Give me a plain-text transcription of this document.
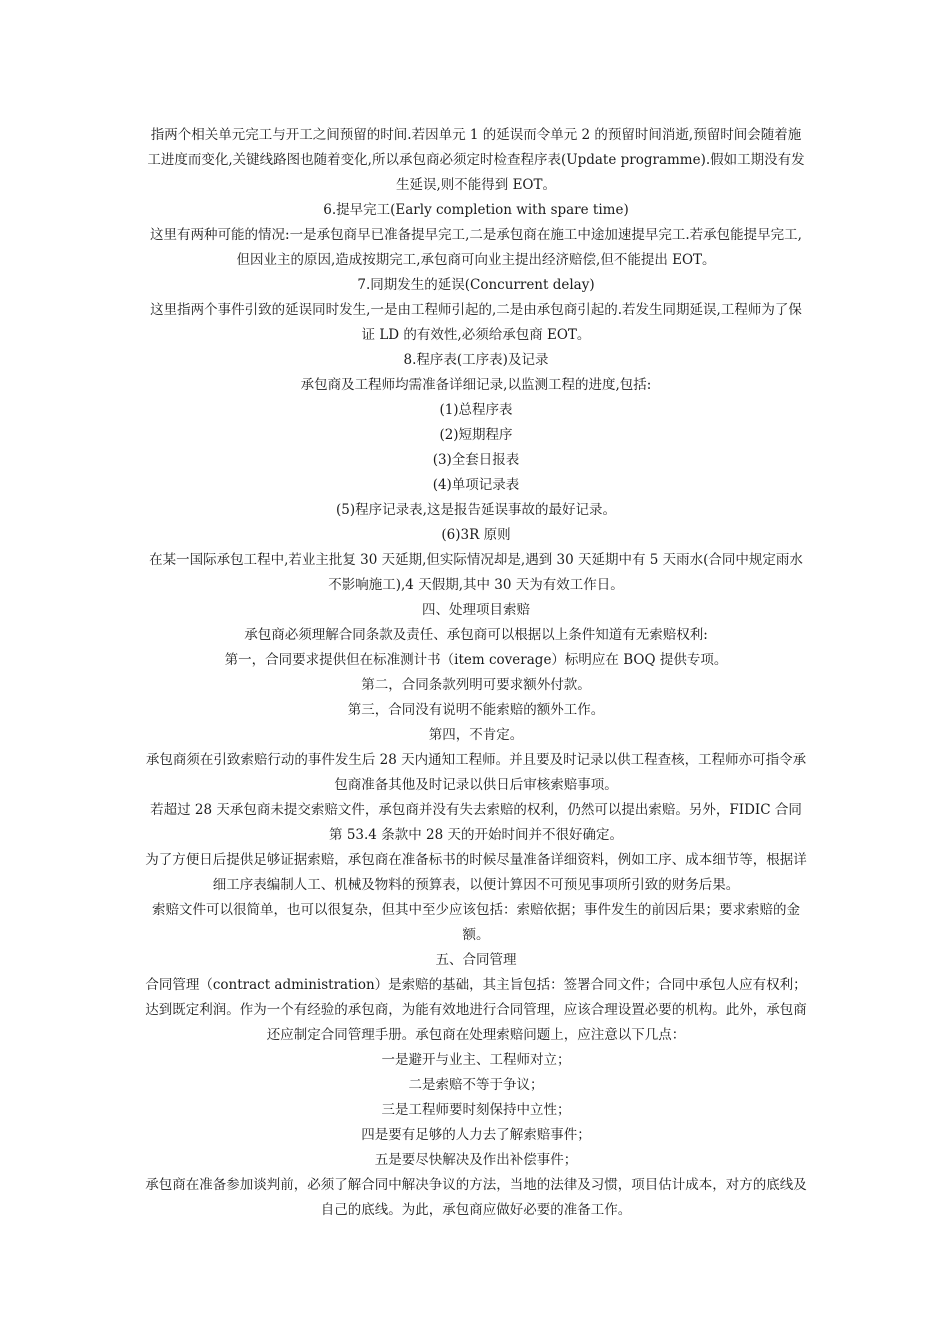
指两个相关单元完工与开工之间预留的时间.若因单元 1 的延误而令单元 2 的预留时间消逝,预留时间会随着施工进度而变化,关键线路图也随着变化,所以承包商必须定时检查程序表(Update programme).假如工期没有发生延误,则不能得到 EOT。

6.提早完工(Early completion with spare time)

这里有两种可能的情况:一是承包商早已准备提早完工,二是承包商在施工中途加速提早完工.若承包能提早完工,但因业主的原因,造成按期完工,承包商可向业主提出经济赔偿,但不能提出 EOT。

7.同期发生的延误(Concurrent delay)

这里指两个事件引致的延误同时发生,一是由工程师引起的,二是由承包商引起的.若发生同期延误,工程师为了保证 LD 的有效性,必须给承包商 EOT。

8.程序表(工序表)及记录

承包商及工程师均需准备详细记录,以监测工程的进度,包括:

(1)总程序表

(2)短期程序

(3)全套日报表

(4)单项记录表

(5)程序记录表,这是报告延误事故的最好记录。

(6)3R 原则

在某一国际承包工程中,若业主批复 30 天延期,但实际情况却是,遇到 30 天延期中有 5 天雨水(合同中规定雨水不影响施工),4 天假期,其中 30 天为有效工作日。

四、处理项目索赔

承包商必须理解合同条款及责任、承包商可以根据以上条件知道有无索赔权利:

第一，合同要求提供但在标准测计书（item coverage）标明应在 BOQ 提供专项。

第二，合同条款列明可要求额外付款。

第三，合同没有说明不能索赔的额外工作。

第四，不肯定。

承包商须在引致索赔行动的事件发生后 28 天内通知工程师。并且要及时记录以供工程查核，工程师亦可指令承包商准备其他及时记录以供日后审核索赔事项。

若超过 28 天承包商未提交索赔文件，承包商并没有失去索赔的权利，仍然可以提出索赔。另外，FIDIC 合同第 53.4 条款中 28 天的开始时间并不很好确定。

为了方便日后提供足够证据索赔，承包商在准备标书的时候尽量准备详细资料，例如工序、成本细节等，根据详细工序表编制人工、机械及物料的预算表，以便计算因不可预见事项所引致的财务后果。

索赔文件可以很简单，也可以很复杂，但其中至少应该包括：索赔依据；事件发生的前因后果；要求索赔的金额。

五、合同管理

合同管理（contract administration）是索赔的基础，其主旨包括：签署合同文件；合同中承包人应有权利；达到既定利润。作为一个有经验的承包商，为能有效地进行合同管理，应该合理设置必要的机构。此外，承包商还应制定合同管理手册。承包商在处理索赔问题上，应注意以下几点：

一是避开与业主、工程师对立；

二是索赔不等于争议；

三是工程师要时刻保持中立性；

四是要有足够的人力去了解索赔事件；

五是要尽快解决及作出补偿事件；

承包商在准备参加谈判前，必须了解合同中解决争议的方法，当地的法律及习惯，项目估计成本，对方的底线及自己的底线。为此，承包商应做好必要的准备工作。
